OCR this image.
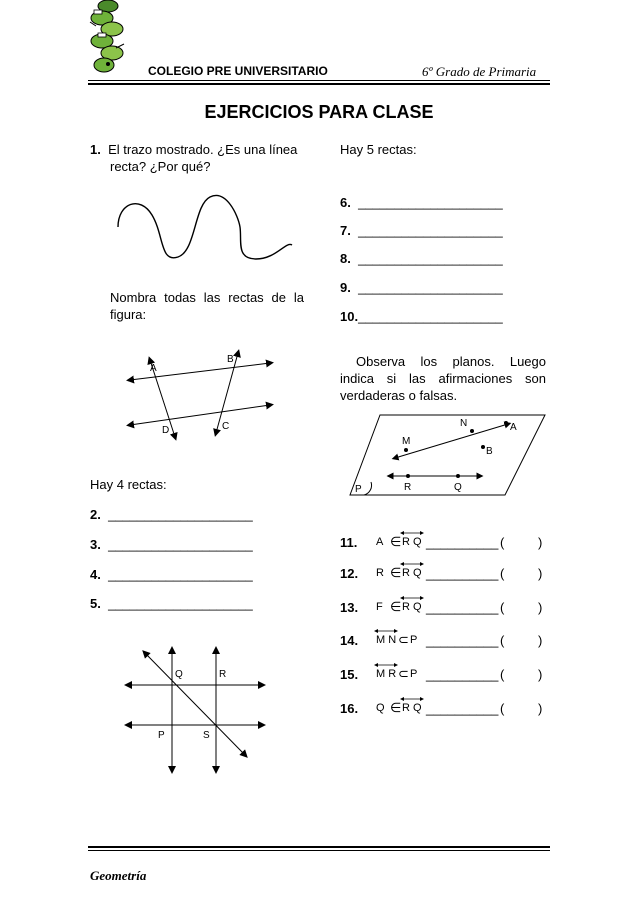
COLEGIO PRE UNIVERSITARIO	6º Grado de Primaria
EJERCICIOS PARA CLASE
1. El trazo mostrado. ¿Es una línea
recta? ¿Por qué?
Nombra todas las rectas de la
figura:
A
B
C
D
Hay 4 rectas:
2. ____________________
3. ____________________
4. ____________________
5. ____________________
Q	R
P	S
Hay 5 rectas:
6. ____________________
7. ____________________
8. ____________________
9. ____________________
10.____________________
Observa los planos. Luego
indica si las afirmaciones son
verdaderas o falsas.
N	A
M
B
P	R	Q
11. A ∈ R Q __________ (	)
12. R ∈ R Q __________ (	)
13. F ∈ R Q __________ (	)
14. M N ⊂ P __________ (	)
15. M R ⊂ P __________ (	)
16. Q ∈ R Q __________ (	)
Geometría
